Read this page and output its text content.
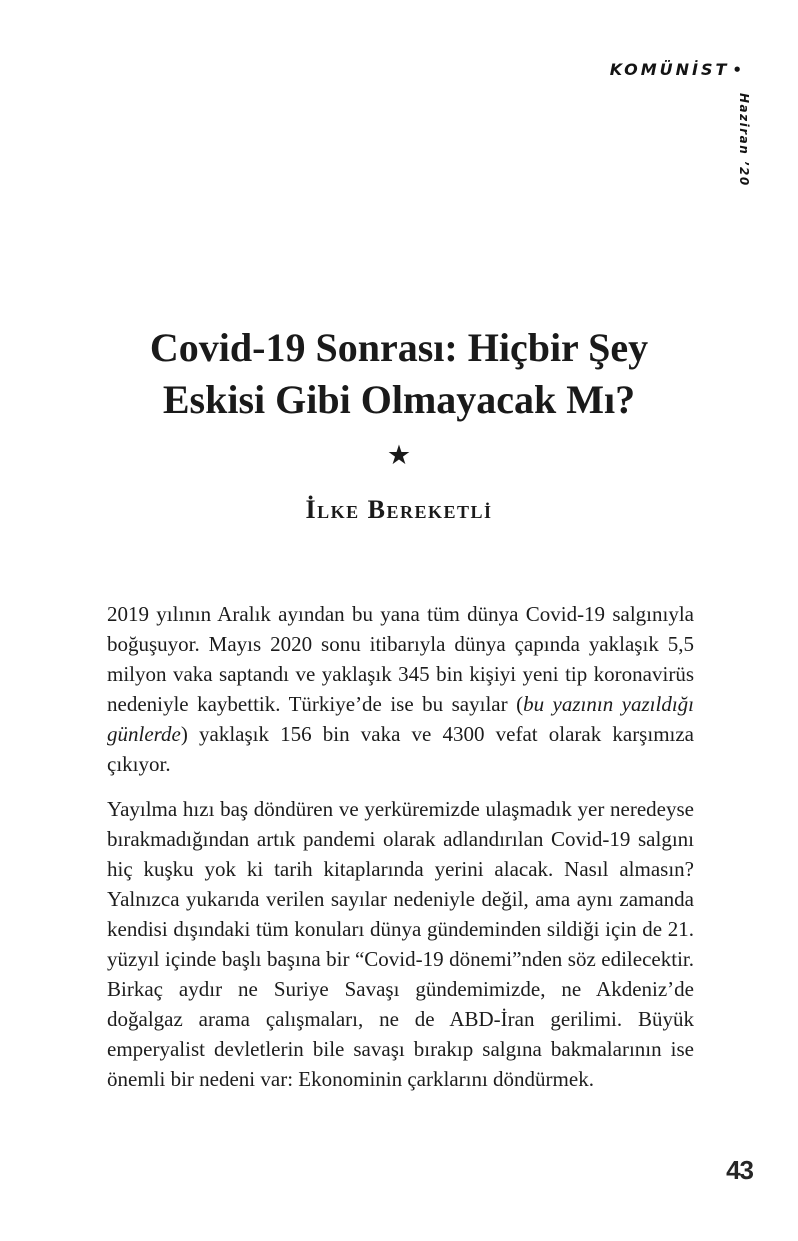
KOMÜNİST •
Haziran ’20
Covid-19 Sonrası: Hiçbir Şey
Eskisi Gibi Olmayacak Mı?
★
İlke Bereketli

2019 yılının Aralık ayından bu yana tüm dünya Covid-19 salgınıyla boğuşuyor. Mayıs 2020 sonu itibarıyla dünya çapında yaklaşık 5,5 milyon vaka saptandı ve yaklaşık 345 bin kişiyi yeni tip koronavirüs nedeniyle kaybettik. Türkiye’de ise bu sayılar (bu yazının yazıldığı günlerde) yaklaşık 156 bin vaka ve 4300 vefat olarak karşımıza çıkıyor.

Yayılma hızı baş döndüren ve yerküremizde ulaşmadık yer neredeyse bırakmadığından artık pandemi olarak adlandırılan Covid-19 salgını hiç kuşku yok ki tarih kitaplarında yerini alacak. Nasıl almasın? Yalnızca yukarıda verilen sayılar nedeniyle değil, ama aynı zamanda kendisi dışındaki tüm konuları dünya gündeminden sildiği için de 21. yüzyıl içinde başlı başına bir “Covid-19 dönemi”nden söz edilecektir. Birkaç aydır ne Suriye Savaşı gündemimizde, ne Akdeniz’de doğalgaz arama çalışmaları, ne de ABD-İran gerilimi. Büyük emperyalist devletlerin bile savaşı bırakıp salgına bakmalarının ise önemli bir nedeni var: Ekonominin çarklarını döndürmek.

43
